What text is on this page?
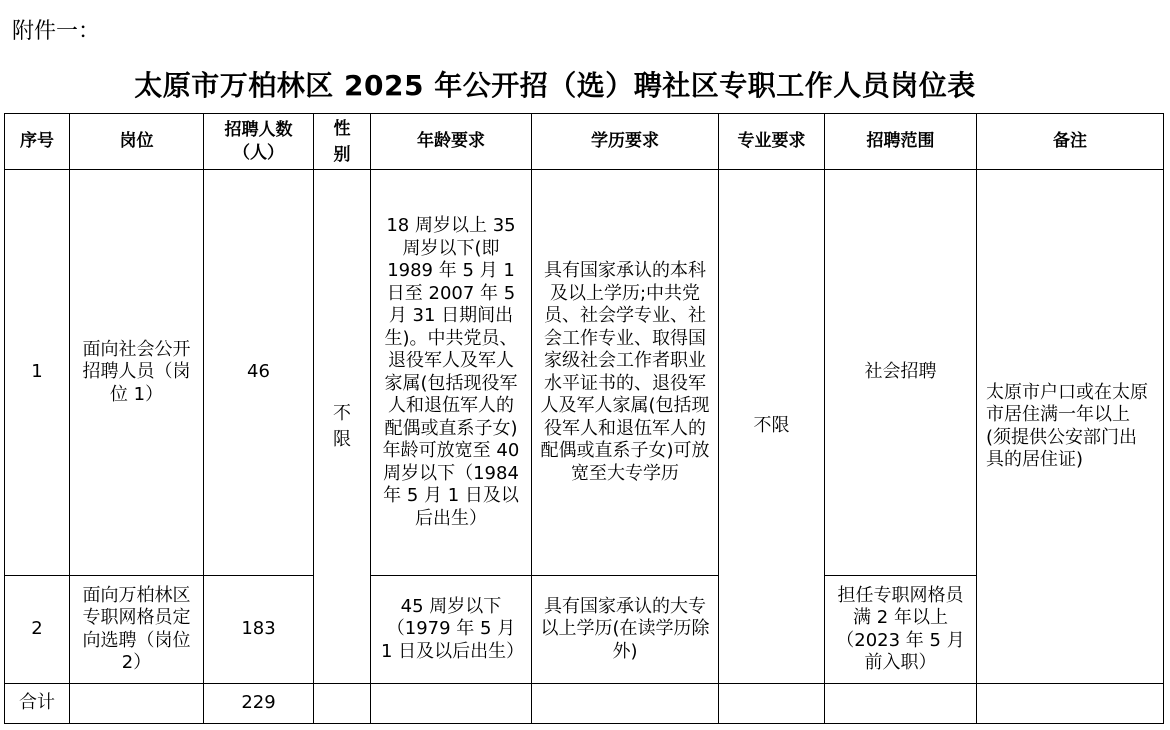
附件一：
太原市万柏林区 2025 年公开招（选）聘社区专职工作人员岗位表
序号	岗位	招聘人数（人）	性别	年龄要求	学历要求	专业要求	招聘范围	备注
1	面向社会公开招聘人员（岗位 1）	46	不限	18 周岁以上 35 周岁以下(即 1989 年 5 月 1 日至 2007 年 5 月 31 日期间出生)。中共党员、退役军人及军人家属(包括现役军人和退伍军人的配偶或直系子女)年龄可放宽至 40 周岁以下（1984 年 5 月 1 日及以后出生）	具有国家承认的本科及以上学历;中共党员、社会学专业、社会工作专业、取得国家级社会工作者职业水平证书的、退役军人及军人家属(包括现役军人和退伍军人的配偶或直系子女)可放宽至大专学历	不限	社会招聘	太原市户口或在太原市居住满一年以上(须提供公安部门出具的居住证)

2	面向万柏林区专职网格员定向选聘（岗位 2）	183		45 周岁以下（1979 年 5 月 1 日及以后出生）	具有国家承认的大专以上学历(在读学历除外)		担任专职网格员满 2 年以上（2023 年 5 月前入职）	

合计		229						
